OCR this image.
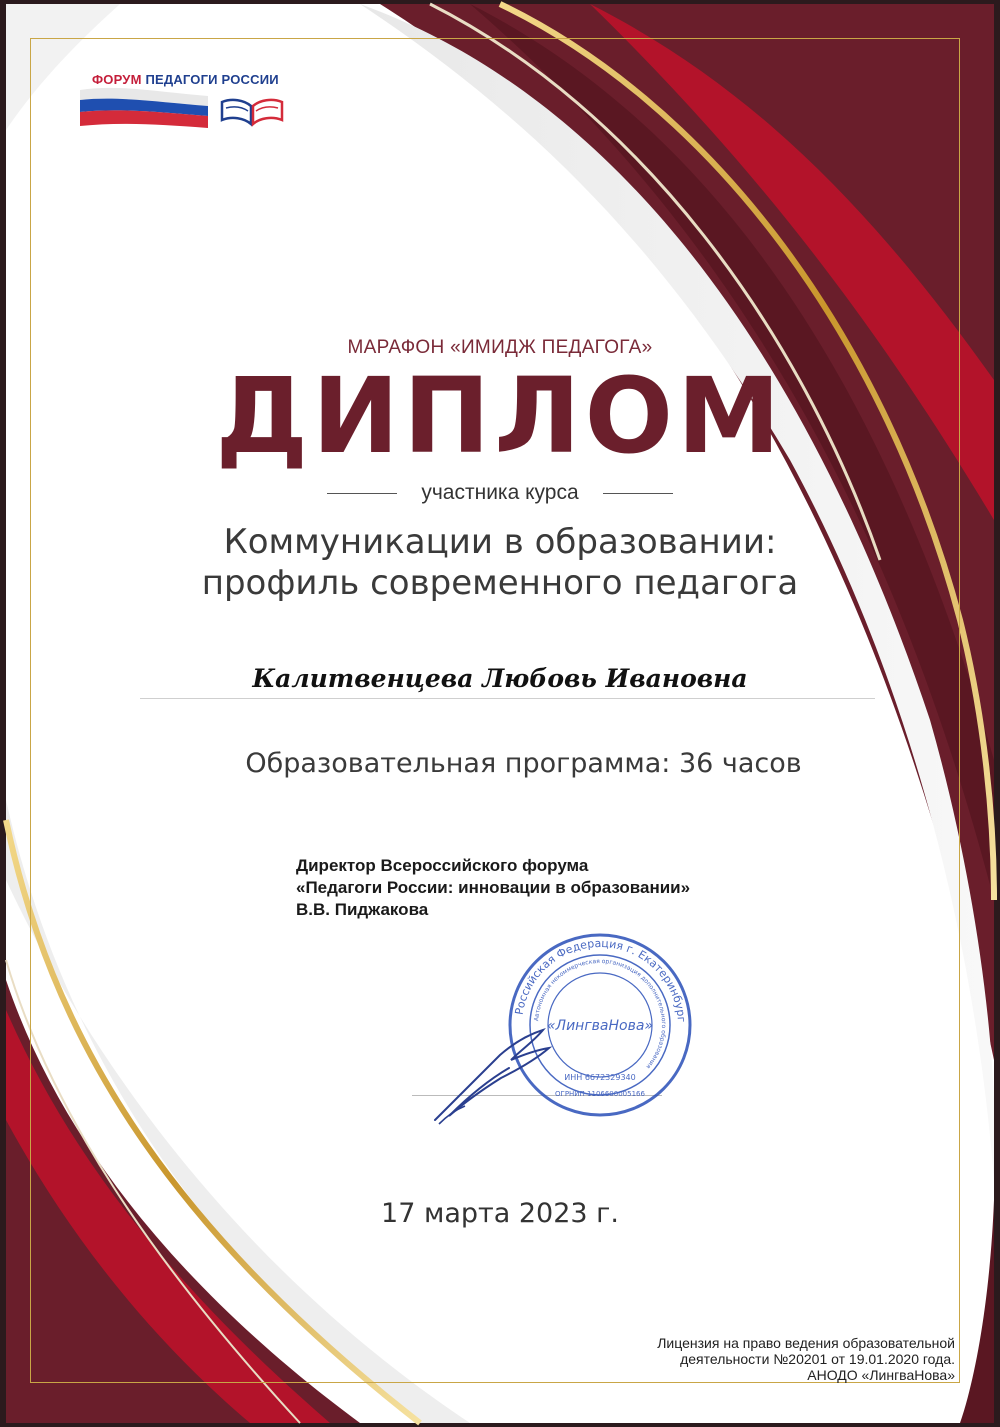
ФОРУМ ПЕДАГОГИ РОССИИ
МАРАФОН «ИМИДЖ ПЕДАГОГА»
ДИПЛОМ
участника курса
Коммуникации в образовании:
профиль современного педагога
Калитвенцева Любовь Ивановна
Образовательная программа: 36 часов
Директор Всероссийского форума
«Педагоги России: инновации в образовании»
В.В. Пиджакова
Российская Федерация г. Екатеринбург
Автономная некоммерческая организация дополнительного образования
«ЛингваНова»
ИНН 6672329340
ОГРНИП 1106600005166
17 марта 2023 г.
Лицензия на право ведения образовательной
деятельности №20201 от 19.01.2020 года.
АНОДО «ЛингваНова»
